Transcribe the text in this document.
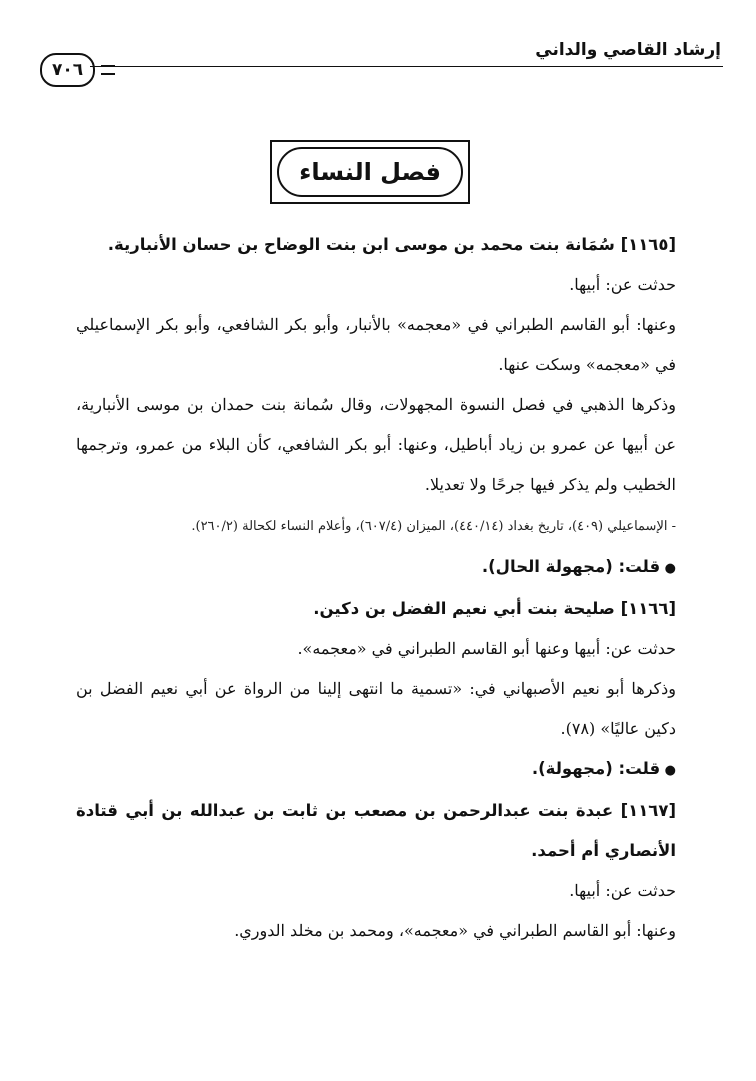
إرشاد القاصي والداني
٧٠٦
فصل النساء

[١١٦٥] سُمَانة بنت محمد بن موسى ابن بنت الوضاح بن حسان الأنبارية.

حدثت عن: أبيها.

وعنها: أبو القاسم الطبراني في «معجمه» بالأنبار، وأبو بكر الشافعي، وأبو بكر الإسماعيلي في «معجمه» وسكت عنها.

وذكرها الذهبي في فصل النسوة المجهولات، وقال سُمانة بنت حمدان بن موسى الأنبارية، عن أبيها عن عمرو بن زياد أباطيل، وعنها: أبو بكر الشافعي، كأن البلاء من عمرو، وترجمها الخطيب ولم يذكر فيها جرحًا ولا تعديلا.

- الإسماعيلي (٤٠٩)، تاريخ بغداد (٤٤٠/١٤)، الميزان (٦٠٧/٤)، وأعلام النساء لكحالة (٢٦٠/٢).

● قلت: (مجهولة الحال).

[١١٦٦] صليحة بنت أبي نعيم الفضل بن دكين.

حدثت عن: أبيها وعنها أبو القاسم الطبراني في «معجمه».

وذكرها أبو نعيم الأصبهاني في: «تسمية ما انتهى إلينا من الرواة عن أبي نعيم الفضل بن دكين عاليًا» (٧٨).

● قلت: (مجهولة).

[١١٦٧] عبدة بنت عبدالرحمن بن مصعب بن ثابت بن عبدالله بن أبي قتادة الأنصاري أم أحمد.

حدثت عن: أبيها.

وعنها: أبو القاسم الطبراني في «معجمه»، ومحمد بن مخلد الدوري.
